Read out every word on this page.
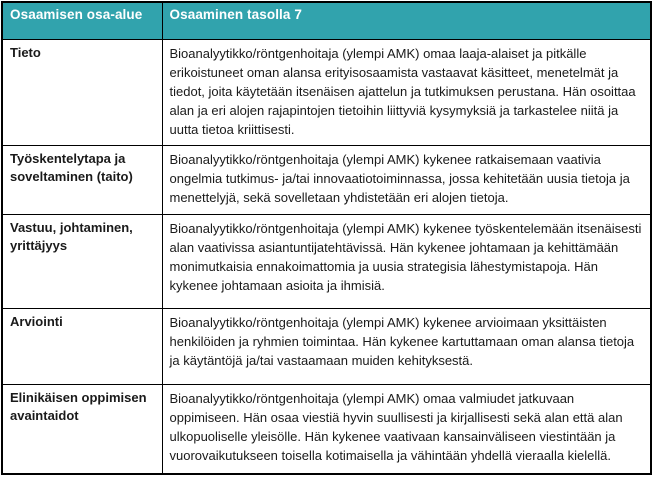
Osaamisen osa-alue	Osaaminen tasolla 7
Tieto	Bioanalyytikko/röntgenhoitaja (ylempi AMK) omaa laaja-alaiset ja pitkälle erikoistuneet oman alansa erityisosaamista vastaavat käsitteet, menetelmät ja tiedot, joita käytetään itsenäisen ajattelun ja tutkimuksen perustana. Hän osoittaa alan ja eri alojen rajapintojen tietoihin liittyviä kysymyksiä ja tarkastelee niitä ja uutta tietoa kriittisesti.
Työskentelytapa ja soveltaminen (taito)	Bioanalyytikko/röntgenhoitaja (ylempi AMK) kykenee ratkaisemaan vaativia ongelmia tutkimus- ja/tai innovaatiotoiminnassa, jossa kehitetään uusia tietoja ja menettelyjä, sekä sovelletaan yhdistetään eri alojen tietoja.
Vastuu, johtaminen, yrittäjyys	Bioanalyytikko/röntgenhoitaja (ylempi AMK) kykenee työskentelemään itsenäisesti alan vaativissa asiantuntijatehtävissä. Hän kykenee johtamaan ja kehittämään monimutkaisia ennakoimattomia ja uusia strategisia lähestymistapoja. Hän kykenee johtamaan asioita ja ihmisiä.
Arviointi	Bioanalyytikko/röntgenhoitaja (ylempi AMK) kykenee arvioimaan yksittäisten henkilöiden ja ryhmien toimintaa. Hän kykenee kartuttamaan oman alansa tietoja ja käytäntöjä ja/tai vastaamaan muiden kehityksestä.
Elinikäisen oppimisen avaintaidot	Bioanalyytikko/röntgenhoitaja (ylempi AMK) omaa valmiudet jatkuvaan oppimiseen. Hän osaa viestiä hyvin suullisesti ja kirjallisesti sekä alan että alan ulkopuoliselle yleisölle. Hän kykenee vaativaan kansainväliseen viestintään ja vuorovaikutukseen toisella kotimaisella ja vähintään yhdellä vieraalla kielellä.
